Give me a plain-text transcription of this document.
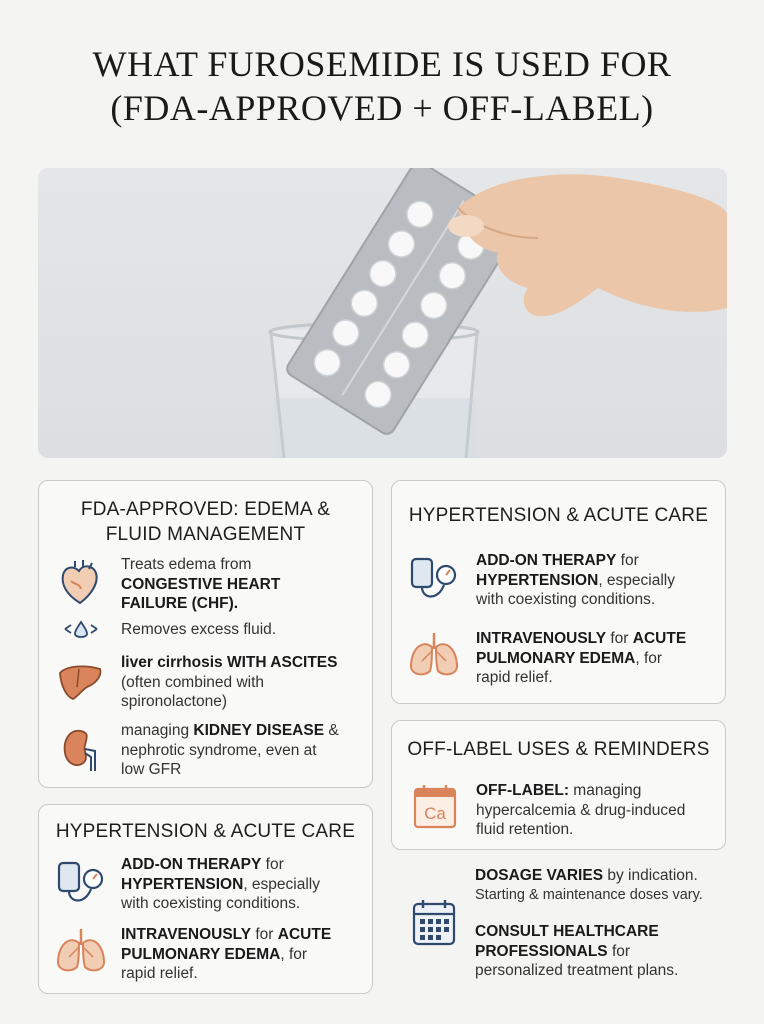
WHAT FUROSEMIDE IS USED FOR
(FDA-APPROVED + OFF-LABEL)
FDA-APPROVED: EDEMA &
FLUID MANAGEMENT
Treats edema from
CONGESTIVE HEART
FAILURE (CHF).
Removes excess fluid.
liver cirrhosis WITH ASCITES
(often combined with
spironolactone)
managing KIDNEY DISEASE &
nephrotic syndrome, even at
low GFR
HYPERTENSION & ACUTE CARE
ADD-ON THERAPY for
HYPERTENSION, especially
with coexisting conditions.
INTRAVENOUSLY for ACUTE
PULMONARY EDEMA, for
rapid relief.
HYPERTENSION & ACUTE CARE
ADD-ON THERAPY for
HYPERTENSION, especially
with coexisting conditions.
INTRAVENOUSLY for ACUTE
PULMONARY EDEMA, for
rapid relief.
OFF-LABEL USES & REMINDERS
Ca
OFF-LABEL: managing
hypercalcemia & drug-induced
fluid retention.
DOSAGE VARIES by indication.
Starting & maintenance doses vary.
CONSULT HEALTHCARE
PROFESSIONALS for
personalized treatment plans.
